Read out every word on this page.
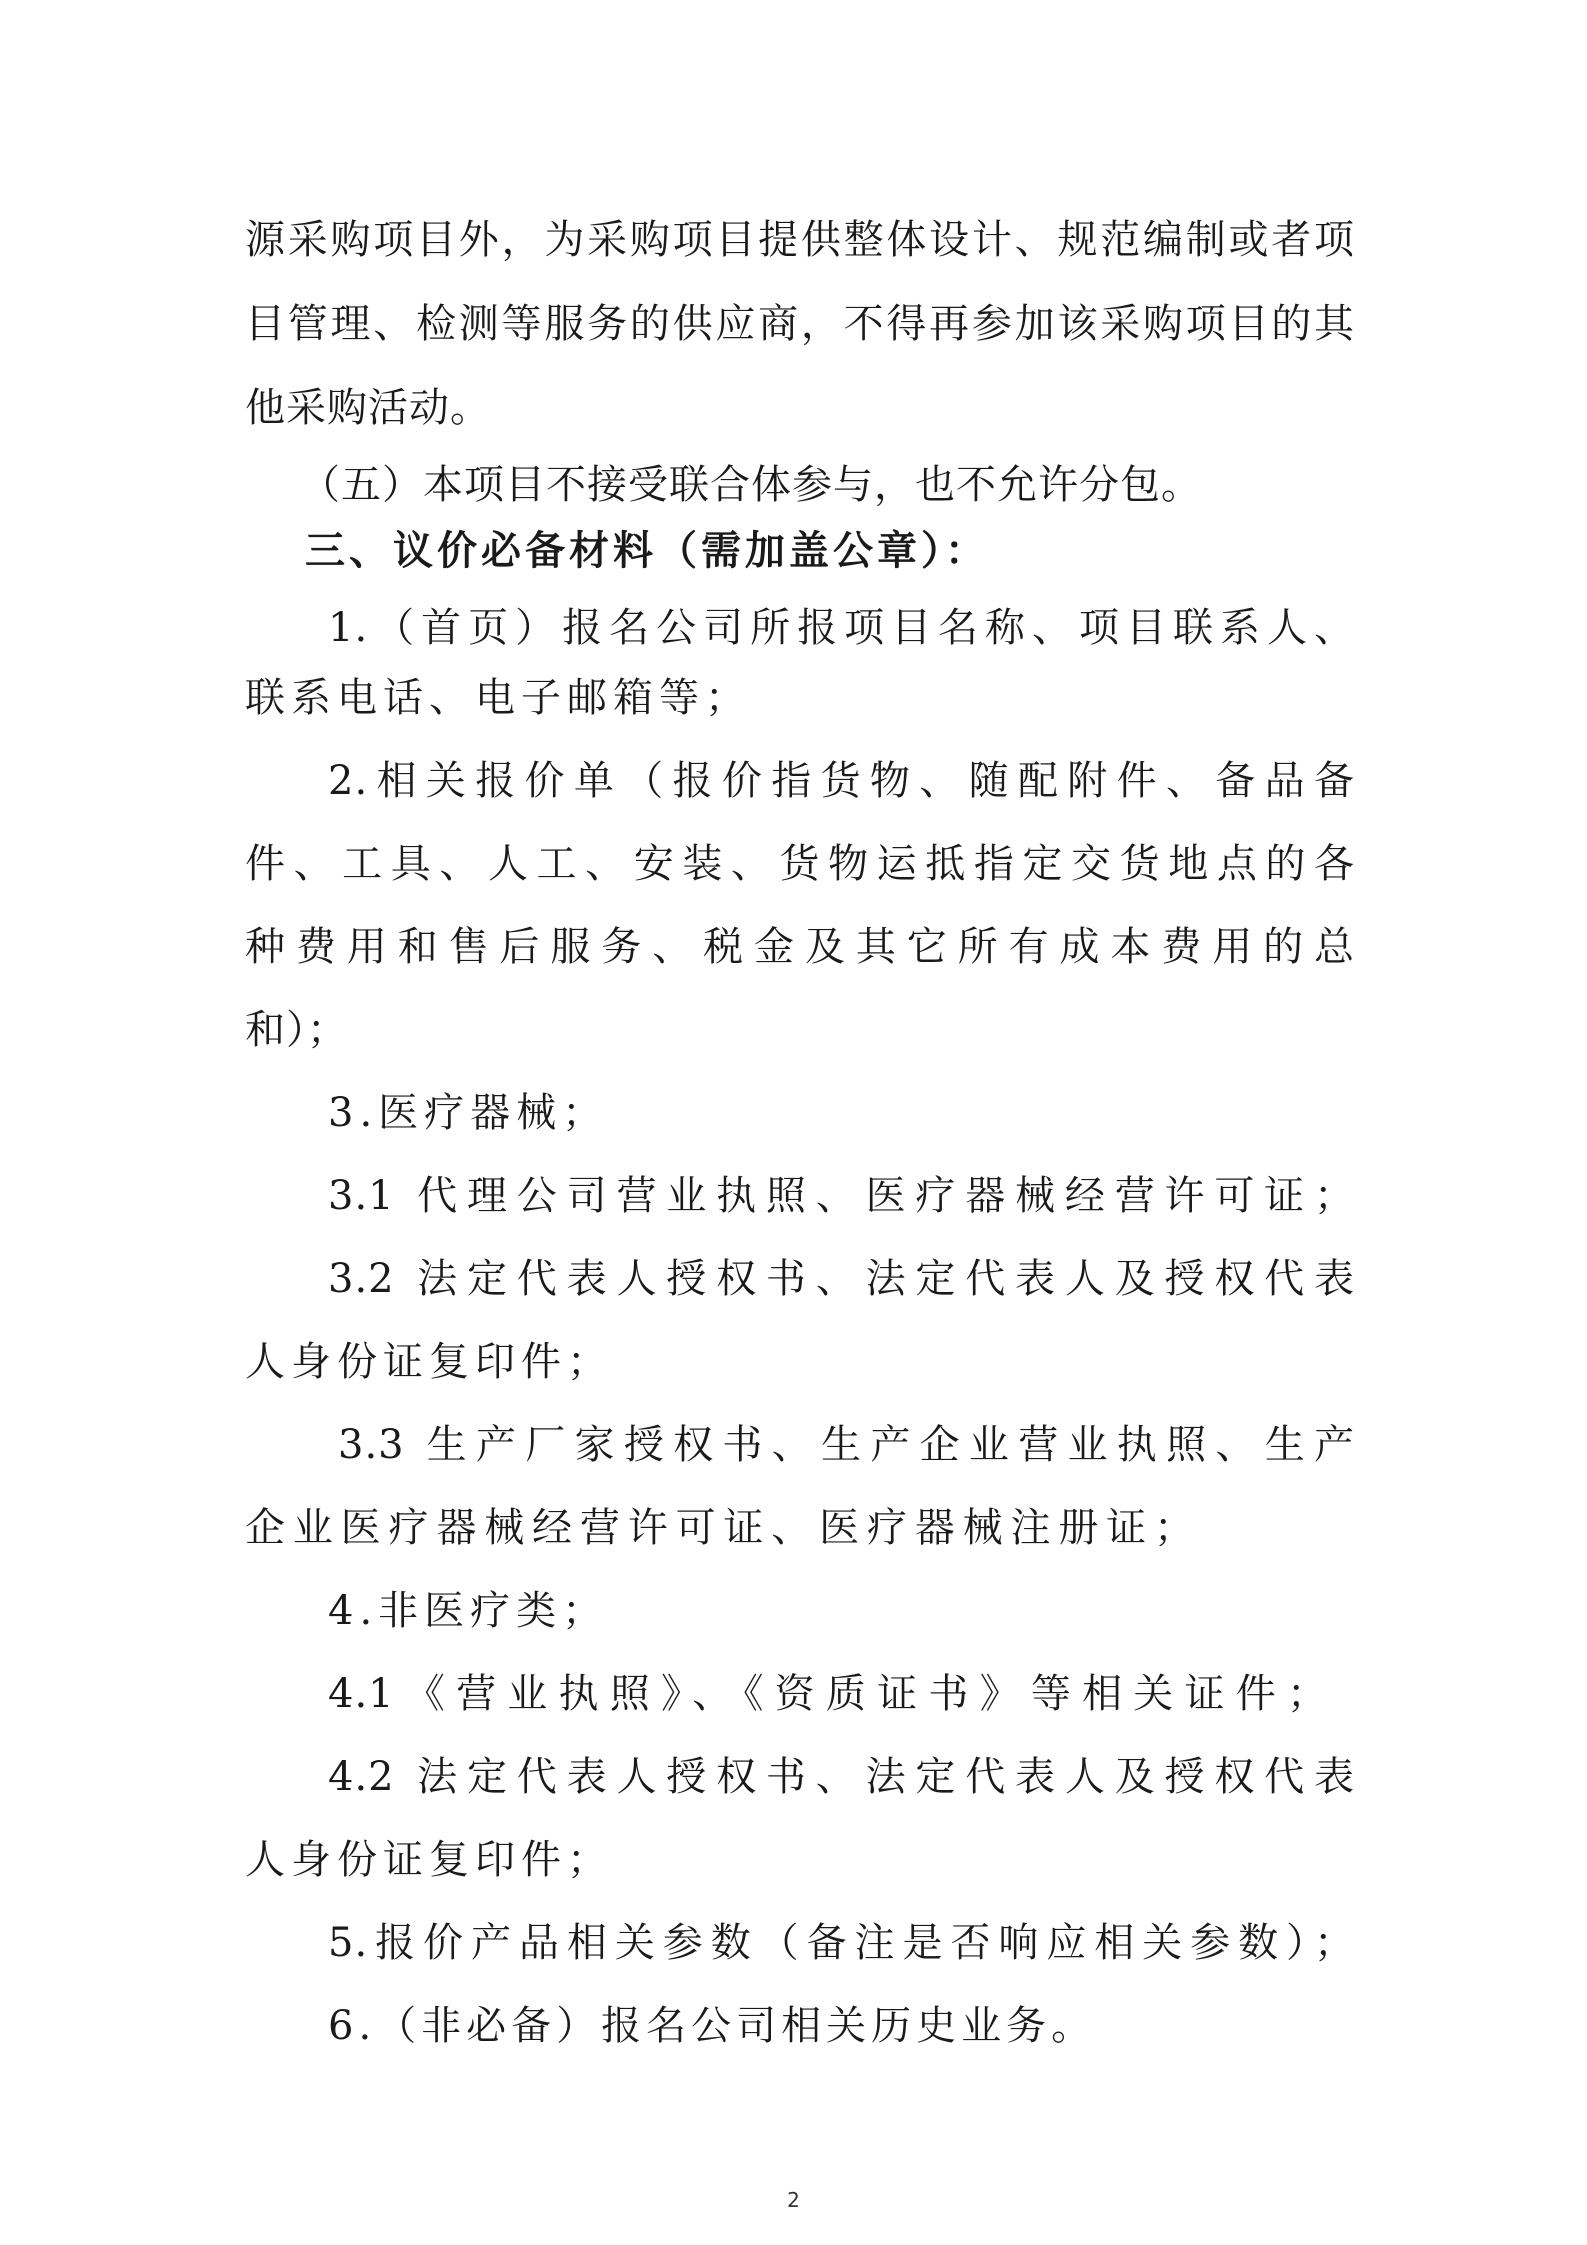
源采购项目外，为采购项目提供整体设计、规范编制或者项
目管理、检测等服务的供应商，不得再参加该采购项目的其
他采购活动。
（五）本项目不接受联合体参与，也不允许分包。
三、议价必备材料（需加盖公章）：
1.（首页）报名公司所报项目名称、项目联系人、
联系电话、电子邮箱等；
2.相关报价单（报价指货物、随配附件、备品备
件、工具、人工、安装、货物运抵指定交货地点的各
种费用和售后服务、税金及其它所有成本费用的总
和）；
3.医疗器械；
3.1 代理公司营业执照、医疗器械经营许可证；
3.2 法定代表人授权书、法定代表人及授权代表
人身份证复印件；
3.3 生产厂家授权书、生产企业营业执照、生产
企业医疗器械经营许可证、医疗器械注册证；
4.非医疗类；
4.1《营业执照》、《资质证书》等相关证件；
4.2 法定代表人授权书、法定代表人及授权代表
人身份证复印件；
5.报价产品相关参数（备注是否响应相关参数）；
6.（非必备）报名公司相关历史业务。
2
